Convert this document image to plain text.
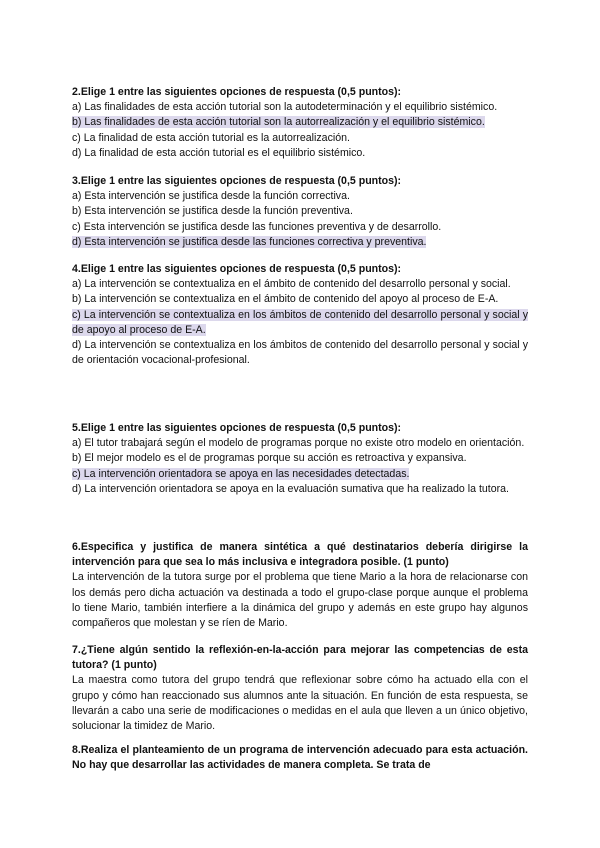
2.Elige 1 entre las siguientes opciones de respuesta (0,5 puntos):

a) Las finalidades de esta acción tutorial son la autodeterminación y el equilibrio sistémico.

b) Las finalidades de esta acción tutorial son la autorrealización y el equilibrio sistémico.

c) La finalidad de esta acción tutorial es la autorrealización.

d) La finalidad de esta acción tutorial es el equilibrio sistémico.

3.Elige 1 entre las siguientes opciones de respuesta (0,5 puntos):

a) Esta intervención se justifica desde la función correctiva.

b) Esta intervención se justifica desde la función preventiva.

c) Esta intervención se justifica desde las funciones preventiva y de desarrollo.

d) Esta intervención se justifica desde las funciones correctiva y preventiva.

4.Elige 1 entre las siguientes opciones de respuesta (0,5 puntos):

a) La intervención se contextualiza en el ámbito de contenido del desarrollo personal y social.

b) La intervención se contextualiza en el ámbito de contenido del apoyo al proceso de E-A.

c) La intervención se contextualiza en los ámbitos de contenido del desarrollo personal y social y de apoyo al proceso de E-A.

d) La intervención se contextualiza en los ámbitos de contenido del desarrollo personal y social y de orientación vocacional-profesional.

5.Elige 1 entre las siguientes opciones de respuesta (0,5 puntos):

a) El tutor trabajará según el modelo de programas porque no existe otro modelo en orientación.

b) El mejor modelo es el de programas porque su acción es retroactiva y expansiva.

c) La intervención orientadora se apoya en las necesidades detectadas.

d) La intervención orientadora se apoya en la evaluación sumativa que ha realizado la tutora.

6.Especifica y justifica de manera sintética a qué destinatarios debería dirigirse la intervención para que sea lo más inclusiva e integradora posible. (1 punto)

La intervención de la tutora surge por el problema que tiene Mario a la hora de relacionarse con los demás pero dicha actuación va destinada a todo el grupo-clase porque aunque el problema lo tiene Mario, también interfiere a la dinámica del grupo y además en este grupo hay algunos compañeros que molestan y se ríen de Mario.

7.¿Tiene algún sentido la reflexión-en-la-acción para mejorar las competencias de esta tutora? (1 punto)

La maestra como tutora del grupo tendrá que reflexionar sobre cómo ha actuado ella con el grupo y cómo han reaccionado sus alumnos ante la situación. En función de esta respuesta, se llevarán a cabo una serie de modificaciones o medidas en el aula que lleven a un único objetivo, solucionar la timidez de Mario.

8.Realiza el planteamiento de un programa de intervención adecuado para esta actuación. No hay que desarrollar las actividades de manera completa. Se trata de
